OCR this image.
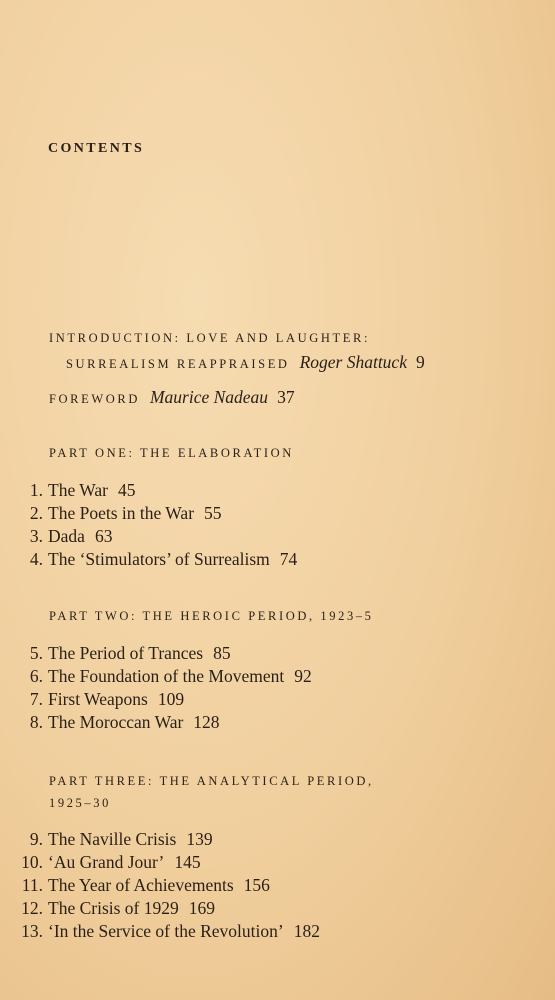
CONTENTS
INTRODUCTION: LOVE AND LAUGHTER:
SURREALISM REAPPRAISED Roger Shattuck 9
FOREWORD Maurice Nadeau 37
PART ONE: THE ELABORATION
1. The War 45
2. The Poets in the War 55
3. Dada 63
4. The ‘Stimulators’ of Surrealism 74
PART TWO: THE HEROIC PERIOD, 1923–5
5. The Period of Trances 85
6. The Foundation of the Movement 92
7. First Weapons 109
8. The Moroccan War 128
PART THREE: THE ANALYTICAL PERIOD,
1925–30
9. The Naville Crisis 139
10. ‘Au Grand Jour’ 145
11. The Year of Achievements 156
12. The Crisis of 1929 169
13. ‘In the Service of the Revolution’ 182
